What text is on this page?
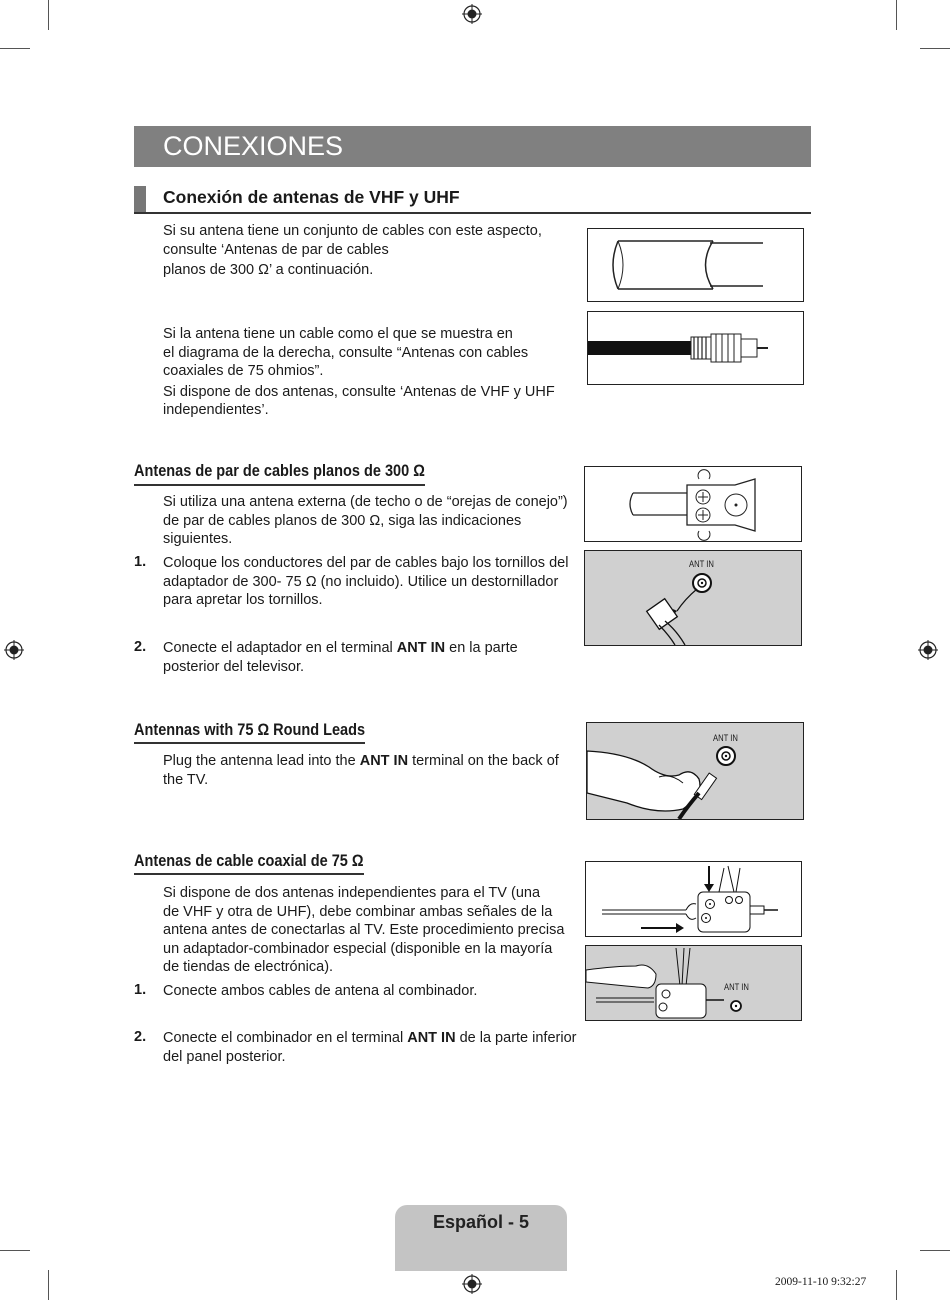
CONEXIONES
Conexión de antenas de VHF y UHF
Si su antena tiene un conjunto de cables con este aspecto,
consulte ‘Antenas de par de cables
planos de 300 Ω’ a continuación.
Si la antena tiene un cable como el que se muestra en
el diagrama de la derecha, consulte “Antenas con cables
coaxiales de 75 ohmios”.
Si dispone de dos antenas, consulte ‘Antenas de VHF y UHF
independientes’.
Antenas de par de cables planos de 300 Ω
Si utiliza una antena externa (de techo o de “orejas de conejo”)
de par de cables planos de 300 Ω, siga las indicaciones
siguientes.
1. Coloque los conductores del par de cables bajo los tornillos del
adaptador de 300- 75 Ω (no incluido). Utilice un destornillador
para apretar los tornillos.
2. Conecte el adaptador en el terminal ANT IN en la parte
posterior del televisor.
ANT IN
Antennas with 75 Ω Round Leads
Plug the antenna lead into the ANT IN terminal on the back of
the TV.
ANT IN
Antenas de cable coaxial de 75 Ω
Si dispone de dos antenas independientes para el TV (una
de VHF y otra de UHF), debe combinar ambas señales de la
antena antes de conectarlas al TV. Este procedimiento precisa
un adaptador-combinador especial (disponible en la mayoría
de tiendas de electrónica).
1. Conecte ambos cables de antena al combinador.
2. Conecte el combinador en el terminal ANT IN de la parte inferior
del panel posterior.
ANT IN
Español - 5
2009-11-10 9:32:27
